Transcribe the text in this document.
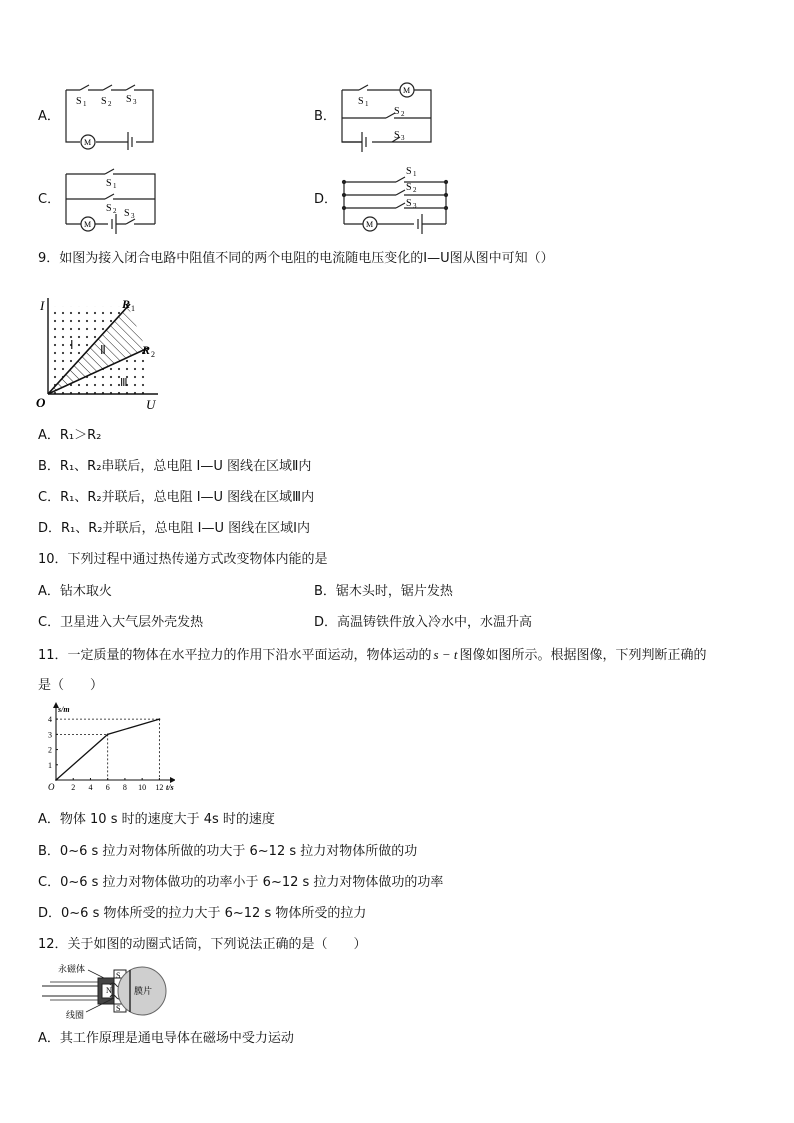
A．
M
S 1 S 2 S 3
B．
M
S 1
S 2
S 3
C．
M
S 1
S 2 S 3
D．
M
S 1
S 2
S 3
9．如图为接入闭合电路中阻值不同的两个电阻的电流随电压变化的I—U图从图中可知（）
I
U
O
R 1
R 2
Ⅰ Ⅱ
Ⅲ
A．R₁＞R₂
B．R₁、R₂串联后，总电阻 I—U 图线在区域Ⅱ内
C．R₁、R₂并联后，总电阻 I—U 图线在区域Ⅲ内
D．R₁、R₂并联后，总电阻 I—U 图线在区域Ⅰ内
10．下列过程中通过热传递方式改变物体内能的是
A．钻木取火	B．锯木头时，锯片发热
C．卫星进入大气层外壳发热	D．高温铸铁件放入冷水中，水温升高
11．一定质量的物体在水平拉力的作用下沿水平面运动，物体运动的 s − t 图像如图所示。根据图像，下列判断正确的
是（　　）
2 4 6 8 10 12
1
2
3
4
O
s/m
t/s
A．物体 10 s 时的速度大于 4s 时的速度
B．0~6 s 拉力对物体所做的功大于 6~12 s 拉力对物体所做的功
C．0~6 s 拉力对物体做功的功率小于 6~12 s 拉力对物体做功的功率
D．0~6 s 物体所受的拉力大于 6~12 s 物体所受的拉力
12．关于如图的动圈式话筒，下列说法正确的是（　　）
S
S
N
永磁体
线圈
膜片
A．其工作原理是通电导体在磁场中受力运动
